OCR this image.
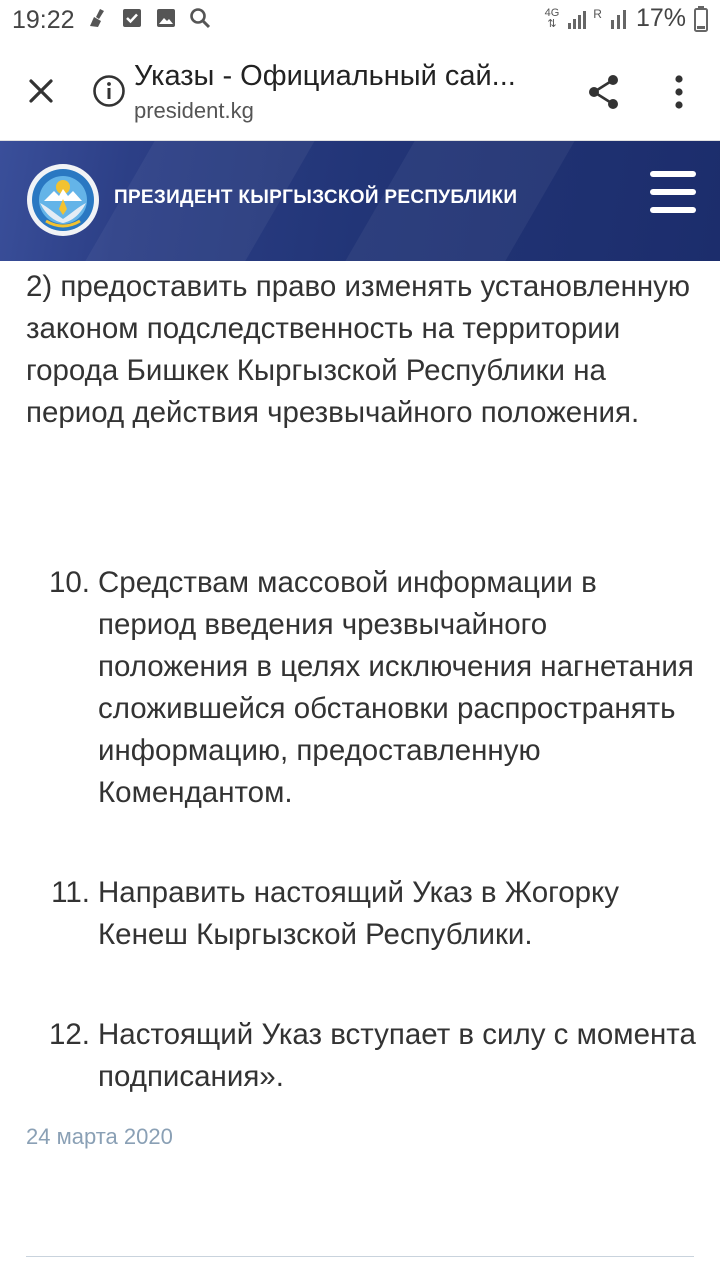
19:22	4G
⇅
R 17%
Указы - Официальный сай...
president.kg
ПРЕЗИДЕНТ КЫРГЫЗСКОЙ РЕСПУБЛИКИ
2) предоставить право изменять установленную законом подследственность на территории города Бишкек Кыргызской Республики на период действия чрезвычайного положения.
10. Средствам массовой информации в период введения чрезвычайного положения в целях исключения нагнетания сложившейся обстановки распространять информацию, предоставленную Комендантом.
11. Направить настоящий Указ в Жогорку Кенеш Кыргызской Республики.
12. Настоящий Указ вступает в силу с момента подписания».
24 марта 2020
